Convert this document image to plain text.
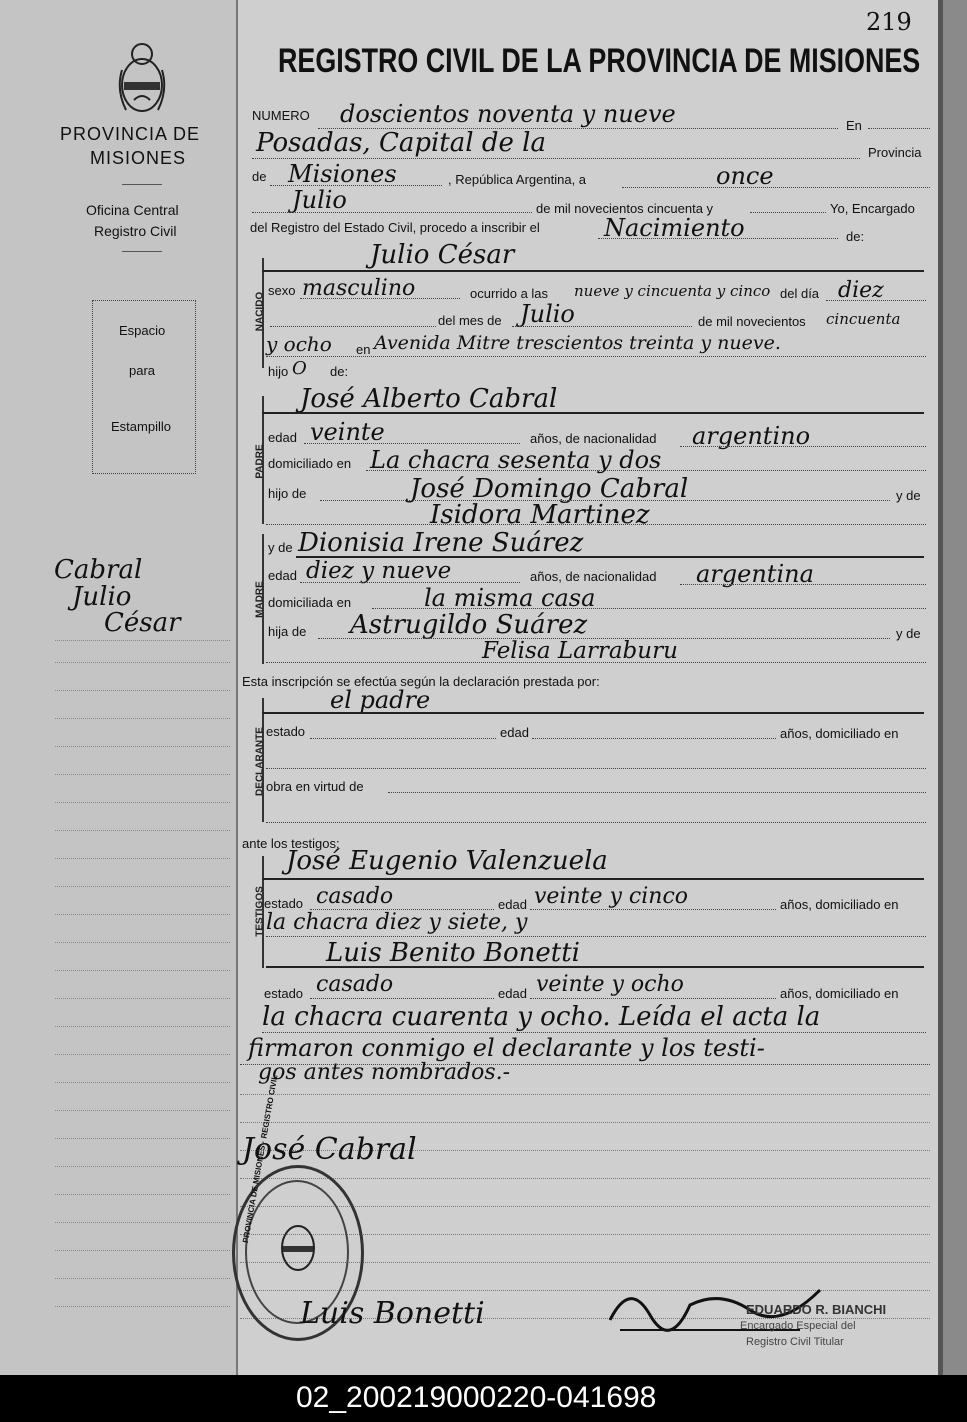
PROVINCIA DE
MISIONES
Oficina Central
Registro Civil
Espacio
para
Estampillo
Cabral
Julio
César
219
REGISTRO CIVIL DE LA PROVINCIA DE MISIONES
NUMERO doscientos noventa y nueve	En
Posadas, Capital de la	Provincia
de Misiones	, República Argentina, a	once
Julio	de mil novecientos cincuenta y	Yo, Encargado
del Registro del Estado Civil, procedo a inscribir el	Nacimiento	de:
NACIDO
Julio César
sexo masculino	ocurrido a las nueve y cincuenta y cinco del día diez
del mes de Julio	de mil novecientos cincuenta
y ocho en Avenida Mitre trescientos treinta y nueve.
hijo O de:
PADRE
José Alberto Cabral
edad veinte	años, de nacionalidad argentino
domiciliado en La chacra sesenta y dos
hijo de	José Domingo Cabral	y de
Isidora Martinez
MADRE
y de Dionisia Irene Suárez
edad diez y nueve	años, de nacionalidad argentina
domiciliada en	la misma casa
hija de Astrugildo Suárez	y de
Felisa Larraburu
Esta inscripción se efectúa según la declaración prestada por:
DECLARANTE
el padre
estado	edad	años, domiciliado en
obra en virtud de
ante los testigos:
TESTIGOS
José Eugenio Valenzuela
estado casado	edad veinte y cinco	años, domiciliado en
la chacra diez y siete, y
Luis Benito Bonetti
estado casado	edad veinte y ocho	años, domiciliado en
la chacra cuarenta y ocho. Leída el acta la
firmaron conmigo el declarante y los testi-
gos antes nombrados.-
José Cabral
PROVINCIA DE MISIONES · REGISTRO CIVIL
Luis Bonetti	EDUARDO R. BIANCHI
Encargado Especial del
Registro Civil Titular
02_200219000220-041698
